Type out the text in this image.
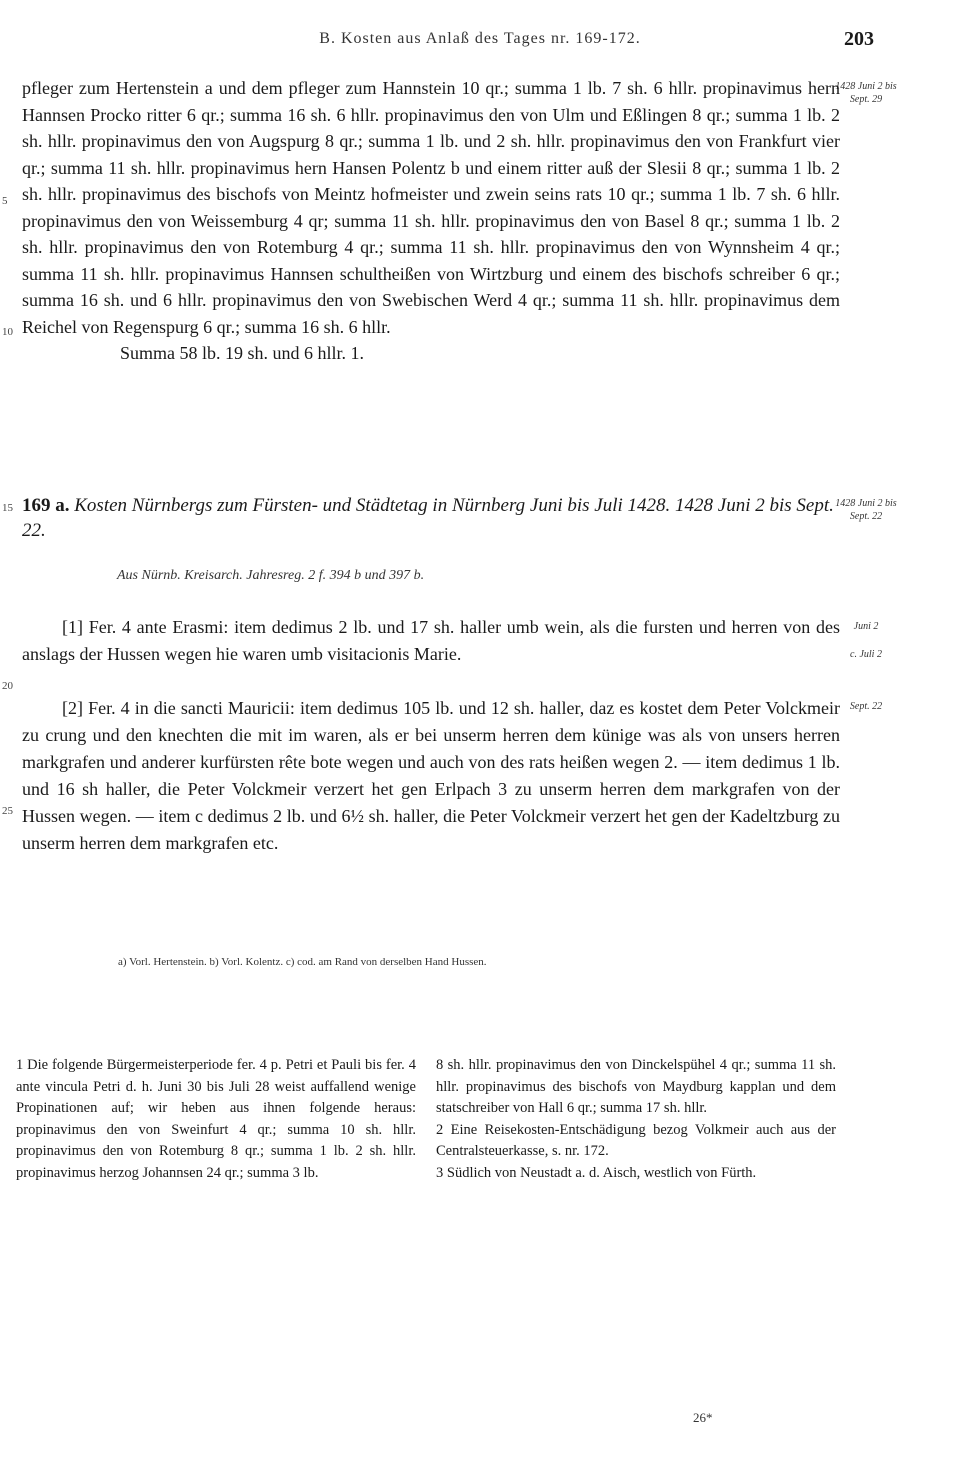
B. Kosten aus Anlaß des Tages nr. 169-172.	203
1428 Juni 2 bis Sept. 29
5
10

pfleger zum Hertenstein a und dem pfleger zum Hannstein 10 qr.; summa 1 lb. 7 sh. 6 hllr. propinavimus hern Hannsen Procko ritter 6 qr.; summa 16 sh. 6 hllr. propinavimus den von Ulm und Eßlingen 8 qr.; summa 1 lb. 2 sh. hllr. propinavimus den von Augspurg 8 qr.; summa 1 lb. und 2 sh. hllr. propinavimus den von Frankfurt vier qr.; summa 11 sh. hllr. propinavimus hern Hansen Polentz b und einem ritter auß der Slesii 8 qr.; summa 1 lb. 2 sh. hllr. propinavimus des bischofs von Meintz hofmeister und zwein seins rats 10 qr.; summa 1 lb. 7 sh. 6 hllr. propinavimus den von Weissemburg 4 qr; summa 11 sh. hllr. propinavimus den von Basel 8 qr.; summa 1 lb. 2 sh. hllr. propinavimus den von Rotemburg 4 qr.; summa 11 sh. hllr. propinavimus den von Wynnsheim 4 qr.; summa 11 sh. hllr. propinavimus Hannsen schultheißen von Wirtzburg und einem des bischofs schreiber 6 qr.; summa 16 sh. und 6 hllr. propinavimus den von Swebischen Werd 4 qr.; summa 11 sh. hllr. propinavimus dem Reichel von Regenspurg 6 qr.; summa 16 sh. 6 hllr.

Summa 58 lb. 19 sh. und 6 hllr. 1.

15 169 a. Kosten Nürnbergs zum Fürsten- und Städtetag in Nürnberg Juni bis Juli 1428. 1428 Juni 2 bis Sept. 22.
1428 Juni 2 bis Sept. 22
Aus Nürnb. Kreisarch. Jahresreg. 2 f. 394 b und 397 b.

[1] Fer. 4 ante Erasmi: item dedimus 2 lb. und 17 sh. haller umb wein, als die fursten und herren von des anslags der Hussen wegen hie waren umb visitacionis Marie.

Juni 2
c. Juli 2
20

[2] Fer. 4 in die sancti Mauricii: item dedimus 105 lb. und 12 sh. haller, daz es kostet dem Peter Volckmeir zu crung und den knechten die mit im waren, als er bei unserm herren dem künige was als von unsers herren markgrafen und anderer kurfürsten rête bote wegen und auch von des rats heißen wegen 2. — item dedimus 1 lb. und 16 sh haller, die Peter Volckmeir verzert het gen Erlpach 3 zu unserm herren dem markgrafen von der Hussen wegen. — item c dedimus 2 lb. und 6½ sh. haller, die Peter Volckmeir verzert het gen der Kadeltzburg zu unserm herren dem markgrafen etc.

Sept. 22
25
a) Vorl. Hertenstein. b) Vorl. Kolentz. c) cod. am Rand von derselben Hand Hussen.

1 Die folgende Bürgermeisterperiode fer. 4 p. Petri et Pauli bis fer. 4 ante vincula Petri d. h. Juni 30 bis Juli 28 weist auffallend wenige Propinationen auf; wir heben aus ihnen folgende heraus: propinavimus den von Sweinfurt 4 qr.; summa 10 sh. hllr. propinavimus den von Rotemburg 8 qr.; summa 1 lb. 2 sh. hllr. propinavimus herzog Johannsen 24 qr.; summa 3 lb.

8 sh. hllr. propinavimus den von Dinckelspühel 4 qr.; summa 11 sh. hllr. propinavimus des bischofs von Maydburg kapplan und dem statschreiber von Hall 6 qr.; summa 17 sh. hllr.

2 Eine Reisekosten-Entschädigung bezog Volkmeir auch aus der Centralsteuerkasse, s. nr. 172.

3 Südlich von Neustadt a. d. Aisch, westlich von Fürth.

26*
